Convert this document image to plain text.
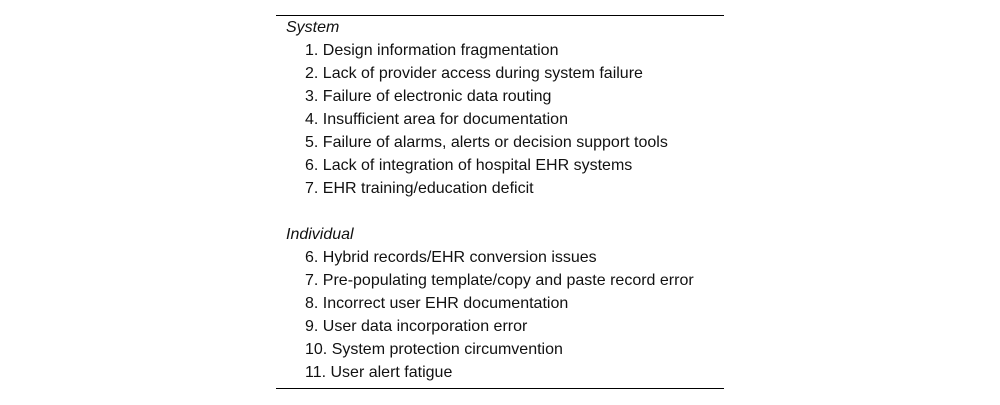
System
1. Design information fragmentation
2. Lack of provider access during system failure
3. Failure of electronic data routing
4. Insufficient area for documentation
5. Failure of alarms, alerts or decision support tools
6. Lack of integration of hospital EHR systems
7. EHR training/education deficit
Individual
6. Hybrid records/EHR conversion issues
7. Pre-populating template/copy and paste record error
8. Incorrect user EHR documentation
9. User data incorporation error
10. System protection circumvention
11. User alert fatigue
